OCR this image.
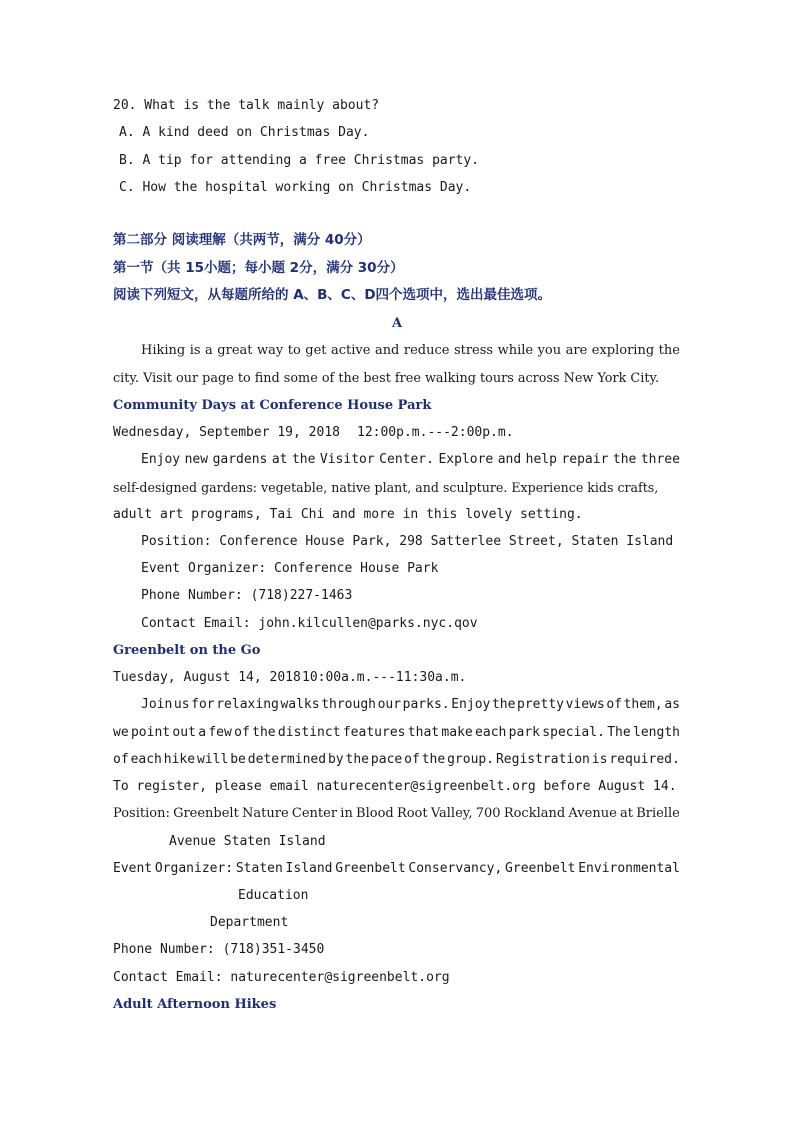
20. What is the talk mainly about?
A. A kind deed on Christmas Day.
B. A tip for attending a free Christmas party.
C. How the hospital working on Christmas Day.
第二部分 阅读理解（共两节，满分 40分）
第一节（共 15小题；每小题 2分，满分 30分）
阅读下列短文，从每题所给的 A、B、C、D四个选项中，选出最佳选项。
A
Hiking is a great way to get active and reduce stress while you are exploring the
city. Visit our page to find some of the best free walking tours across New York City.
Community Days at Conference House Park
Wednesday, September 19, 2018 12:00p.m.---2:00p.m.
Enjoy new gardens at the Visitor Center. Explore and help repair the three
self-designed gardens: vegetable, native plant, and sculpture. Experience kids crafts,
adult art programs, Tai Chi and more in this lovely setting.
Position: Conference House Park, 298 Satterlee Street, Staten Island
Event Organizer: Conference House Park
Phone Number: (718)227-1463
Contact Email: john.kilcullen@parks.nyc.qov
Greenbelt on the Go
Tuesday, August 14, 2018 10:00a.m.---11:30a.m.
Join us for relaxing walks through our parks. Enjoy the pretty views of them, as
we point out a few of the distinct features that make each park special. The length
of each hike will be determined by the pace of the group. Registration is required.
To register, please email naturecenter@sigreenbelt.org before August 14.
Position: Greenbelt Nature Center in Blood Root Valley, 700 Rockland Avenue at Brielle
Avenue Staten Island
Event Organizer: Staten Island Greenbelt Conservancy, Greenbelt Environmental
Education
Department
Phone Number: (718)351-3450
Contact Email: naturecenter@sigreenbelt.org
Adult Afternoon Hikes
